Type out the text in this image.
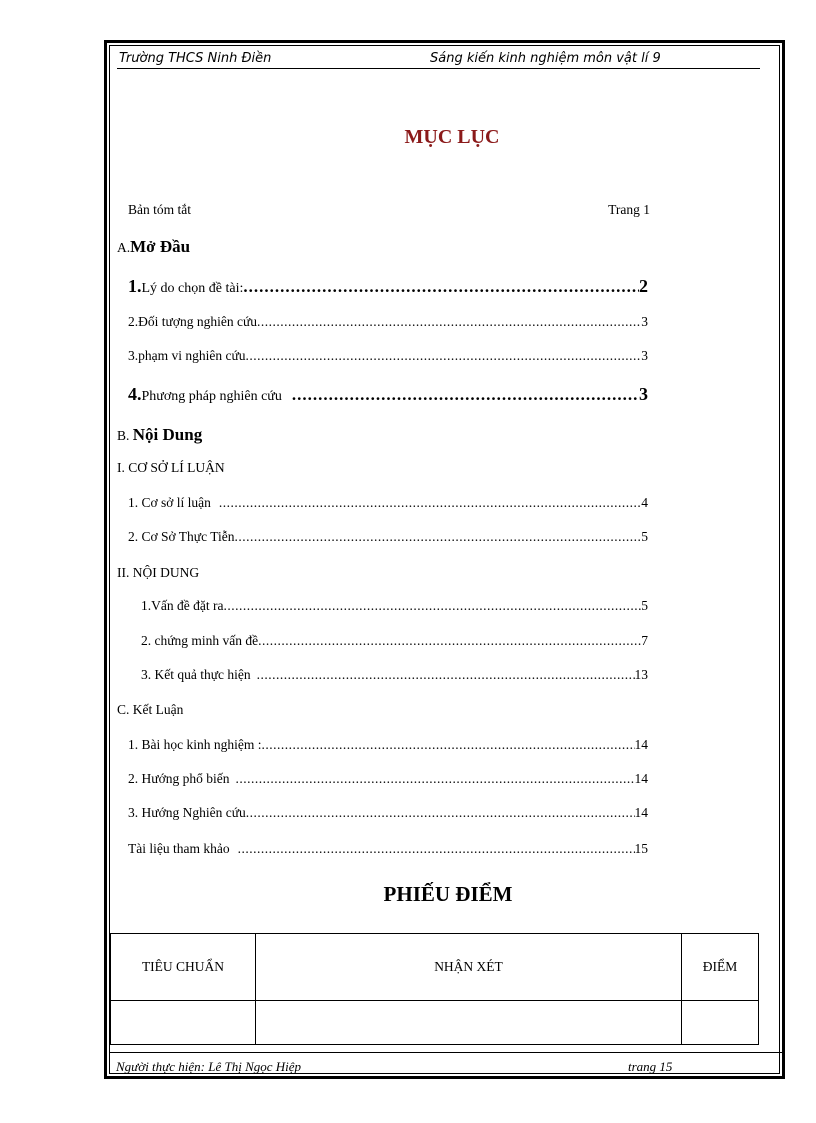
Trường THCS Ninh Điền	Sáng kiến kinh nghiệm môn vật lí 9
MỤC LỤC
Bản tóm tắt	Trang 1
A.Mở Đầu
1. Lý do chọn đề tài: .....	2
2.Đối tượng nghiên cứu .....	3
3.phạm vi nghiên cứu .....	3
4. Phương pháp nghiên cứu .....	3
B. Nội Dung
I. CƠ SỞ LÍ LUẬN
1. Cơ sở lí luận .....	4
2. Cơ Sở Thực Tiễn .....	5
II. NỘI DUNG
1.Vấn đề đặt ra .....	5
2. chứng minh vấn đề .....	7
3. Kết quả thực hiện .....	13
C. Kết Luận
1. Bài học kinh nghiệm : .....	14
2. Hướng phổ biến .....	14
3. Hướng Nghiên cứu .....	14
Tài liệu tham khảo .....	15
PHIẾU ĐIỂM
TIÊU CHUẨN	NHẬN XÉT	ĐIỂM

Người thực hiện: Lê Thị Ngọc Hiệp	trang 15
